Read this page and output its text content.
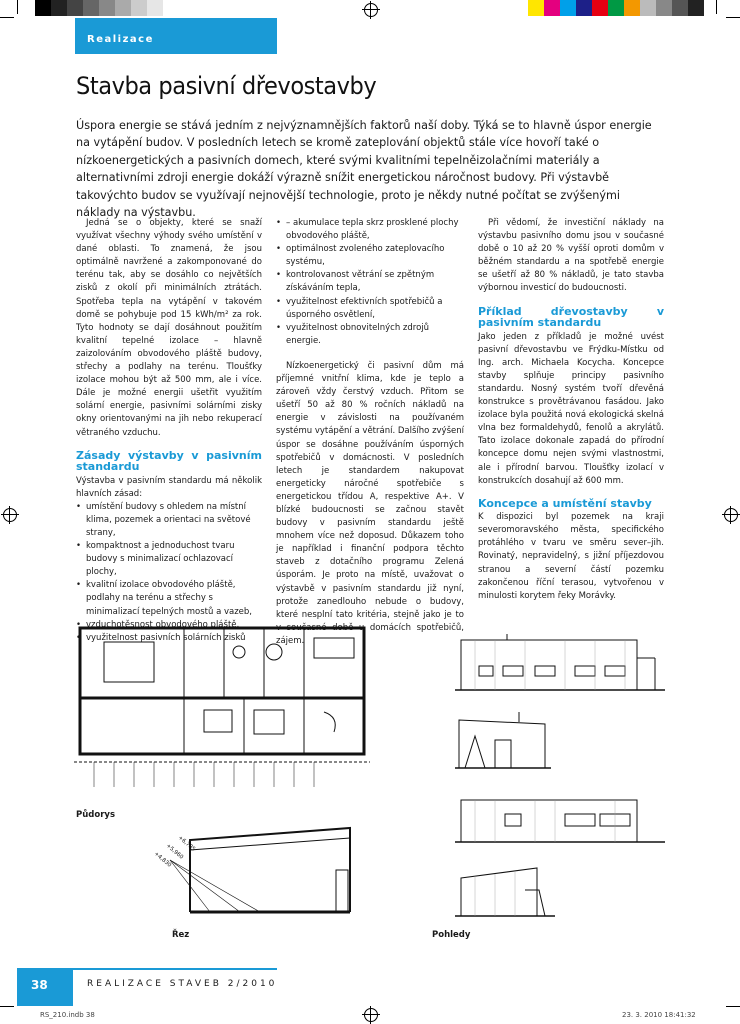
Realizace
Stavba pasivní dřevostavby
Úspora energie se stává jedním z nejvýznamnějších faktorů naší doby. Týká se to hlavně úspor energie na vytápění budov. V posledních letech se kromě zateplování objektů stále více hovoří také o nízkoenergetických a pasivních domech, které svými kvalitními tepelněizolačními materiály a alternativními zdroji energie dokáží výrazně snížit energetickou náročnost budovy. Při výstavbě takovýchto budov se využívají nejnovější technologie, proto je někdy nutné počítat se zvýšenými náklady na výstavbu.

Jedná se o objekty, které se snaží využívat všechny výhody svého umístění v dané oblasti. To znamená, že jsou optimálně navržené a zakomponované do terénu tak, aby se dosáhlo co největších zisků z okolí při minimálních ztrátách. Spotřeba tepla na vytápění v takovém domě se pohybuje pod 15 kWh/m² za rok. Tyto hodnoty se dají dosáhnout použitím kvalitní tepelné izolace – hlavně zaizolováním obvodového pláště budovy, střechy a podlahy na terénu. Tloušťky izolace mohou být až 500 mm, ale i více. Dále je možné energii ušetřit využitím solární energie, pasivními solárními zisky okny orientovanými na jih nebo rekuperací větraného vzduchu.

Zásady výstavby v pasivním standardu

Výstavba v pasivním standardu má několik hlavních zásad:

• umístění budovy s ohledem na místní klima, pozemek a orientaci na světové strany,
• kompaktnost a jednoduchost tvaru budovy s minimalizací ochlazovací plochy,
• kvalitní izolace obvodového pláště, podlahy na terénu a střechy s minimalizací tepelných mostů a vazeb,
• vzduchotěsnost obvodového pláště,
• využitelnost pasivních solárních zisků
• – akumulace tepla skrz prosklené plochy obvodového pláště,
• optimálnost zvoleného zateplovacího systému,
• kontrolovanost větrání se zpětným získáváním tepla,
• využitelnost efektivních spotřebičů a úsporného osvětlení,
• využitelnost obnovitelných zdrojů energie.

Nízkoenergetický či pasivní dům má příjemné vnitřní klima, kde je teplo a zároveň vždy čerstvý vzduch. Přitom se ušetří 50 až 80 % ročních nákladů na energie v závislosti na používaném systému vytápění a větrání. Dalšího zvýšení úspor se dosáhne používáním úsporných spotřebičů v domácnosti. V posledních letech je standardem nakupovat energeticky náročné spotřebiče s energetickou třídou A, respektive A+. V blízké budoucnosti se začnou stavět budovy v pasivním standardu ještě mnohem více než doposud. Důkazem toho je například i finanční podpora těchto staveb z dotačního programu Zelená úsporám. Je proto na místě, uvažovat o výstavbě v pasivním standardu již nyní, protože zanedlouho nebude o budovy, které nesplní tato kritéria, stejně jako je to v současné době u domácích spotřebičů, zájem.

Při vědomí, že investiční náklady na výstavbu pasivního domu jsou v současné době o 10 až 20 % vyšší oproti domům v běžném standardu a na spotřebě energie se ušetří až 80 % nákladů, je tato stavba výbornou investicí do budoucnosti.

Příklad dřevostavby v pasivním standardu

Jako jeden z příkladů je možné uvést pasivní dřevostavbu ve Frýdku-Místku od Ing. arch. Michaela Kocycha. Koncepce stavby splňuje principy pasivního standardu. Nosný systém tvoří dřevěná konstrukce s provětrávanou fasádou. Jako izolace byla použitá nová ekologická skelná vlna bez formaldehydů, fenolů a akrylátů. Tato izolace dokonale zapadá do přírodní koncepce domu nejen svými vlastnostmi, ale i přírodní barvou. Tloušťky izolací v konstrukcích dosahují až 600 mm.

Koncepce a umístění stavby

K dispozici byl pozemek na kraji severomoravského města, specifického protáhlého v tvaru ve směru sever–jih. Rovinatý, nepravidelný, s jižní příjezdovou stranou a severní částí pozemku zakončenou říční terasou, vytvořenou v minulosti korytem řeky Morávky.

Půdorys
+6,735
+5,960
+4,830
Řez	Pohledy
38	REALIZACE STAVEB 2/2010
RS_210.indb 38	23. 3. 2010 18:41:32
